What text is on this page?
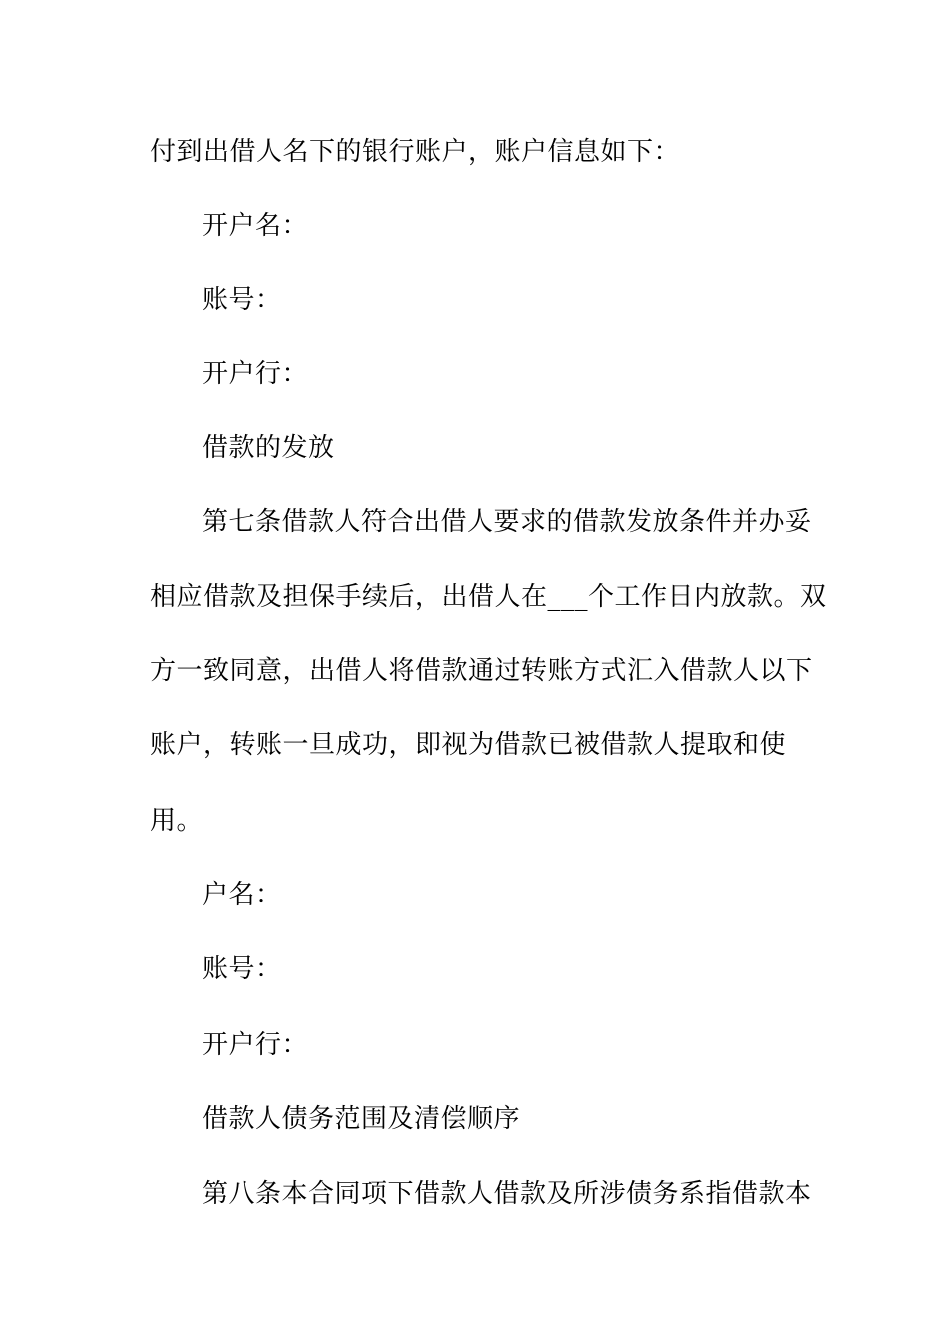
付到出借人名下的银行账户，账户信息如下：
开户名：
账号：
开户行：
借款的发放
第七条借款人符合出借人要求的借款发放条件并办妥
相应借款及担保手续后，出借人在___个工作日内放款。双
方一致同意，出借人将借款通过转账方式汇入借款人以下
账户，转账一旦成功，即视为借款已被借款人提取和使
用。
户名：
账号：
开户行：
借款人债务范围及清偿顺序
第八条本合同项下借款人借款及所涉债务系指借款本
